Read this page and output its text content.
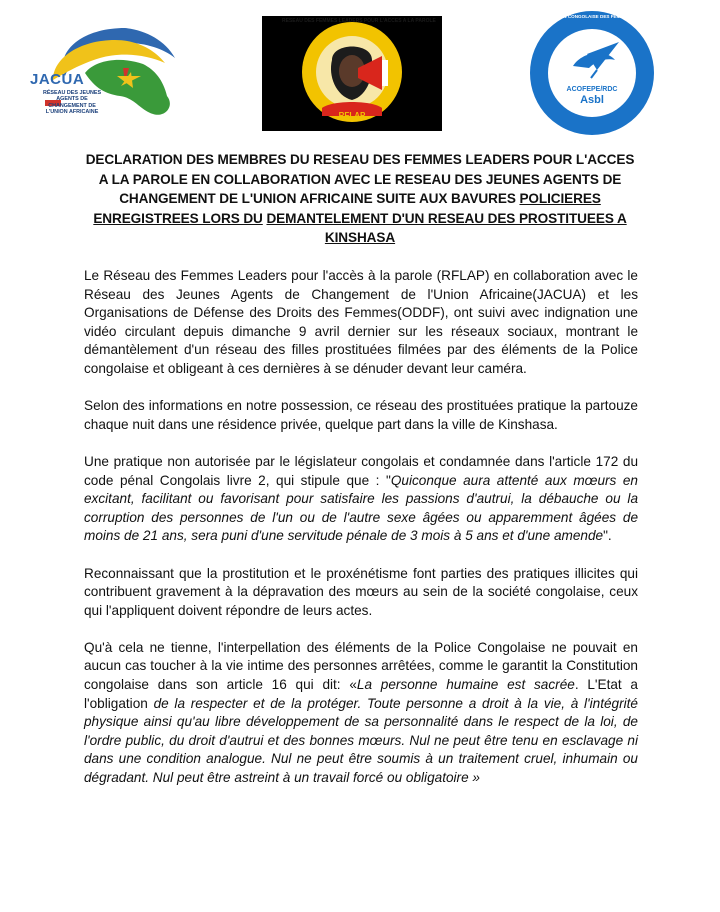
JACUA
RÉSEAU DES JEUNES
AGENTS DE
CHANGEMENT DE
L'UNION AFRICAINE	RFLAP
RESEAU DES FEMMES LEADERS POUR L'ACCES A LA PAROLE
ASSOCIATION CONGOLAISE DES FEMMES JOURNALISTES DE LA PRESSE ECRITE
ACOFEPE/RDC
Asbl
DECLARATION DES MEMBRES DU RESEAU DES FEMMES LEADERS POUR L'ACCES
A LA PAROLE EN COLLABORATION AVEC LE RESEAU DES JEUNES AGENTS DE
CHANGEMENT DE L'UNION AFRICAINE SUITE AUX BAVURES POLICIERES
ENREGISTREES LORS DU DEMANTELEMENT D'UN RESEAU DES PROSTITUEES A
KINSHASA

Le Réseau des Femmes Leaders pour l'accès à la parole (RFLAP) en collaboration avec le Réseau des Jeunes Agents de Changement de l'Union Africaine(JACUA) et les Organisations de Défense des Droits des Femmes(ODDF), ont suivi avec indignation une vidéo circulant depuis dimanche 9 avril dernier sur les réseaux sociaux, montrant le démantèlement d'un réseau des filles prostituées filmées par des éléments de la Police congolaise et obligeant à ces dernières à se dénuder devant leur caméra.

Selon des informations en notre possession, ce réseau des prostituées pratique la partouze chaque nuit dans une résidence privée, quelque part dans la ville de Kinshasa.

Une pratique non autorisée par le législateur congolais et condamnée dans l'article 172 du code pénal Congolais livre 2, qui stipule que : "Quiconque aura attenté aux mœurs en excitant, facilitant ou favorisant pour satisfaire les passions d'autrui, la débauche ou la corruption des personnes de l'un ou de l'autre sexe âgées ou apparemment âgées de moins de 21 ans, sera puni d'une servitude pénale de 3 mois à 5 ans et d'une amende".

Reconnaissant que la prostitution et le proxénétisme font parties des pratiques illicites qui contribuent gravement à la dépravation des mœurs au sein de la société congolaise, ceux qui l'appliquent doivent répondre de leurs actes.

Qu'à cela ne tienne, l'interpellation des éléments de la Police Congolaise ne pouvait en aucun cas toucher à la vie intime des personnes arrêtées, comme le garantit la Constitution congolaise dans son article 16 qui dit: «La personne humaine est sacrée. L'Etat a l'obligation de la respecter et de la protéger. Toute personne a droit à la vie, à l'intégrité physique ainsi qu'au libre développement de sa personnalité dans le respect de la loi, de l'ordre public, du droit d'autrui et des bonnes mœurs. Nul ne peut être tenu en esclavage ni dans une condition analogue. Nul ne peut être soumis à un traitement cruel, inhumain ou dégradant. Nul peut être astreint à un travail forcé ou obligatoire »
